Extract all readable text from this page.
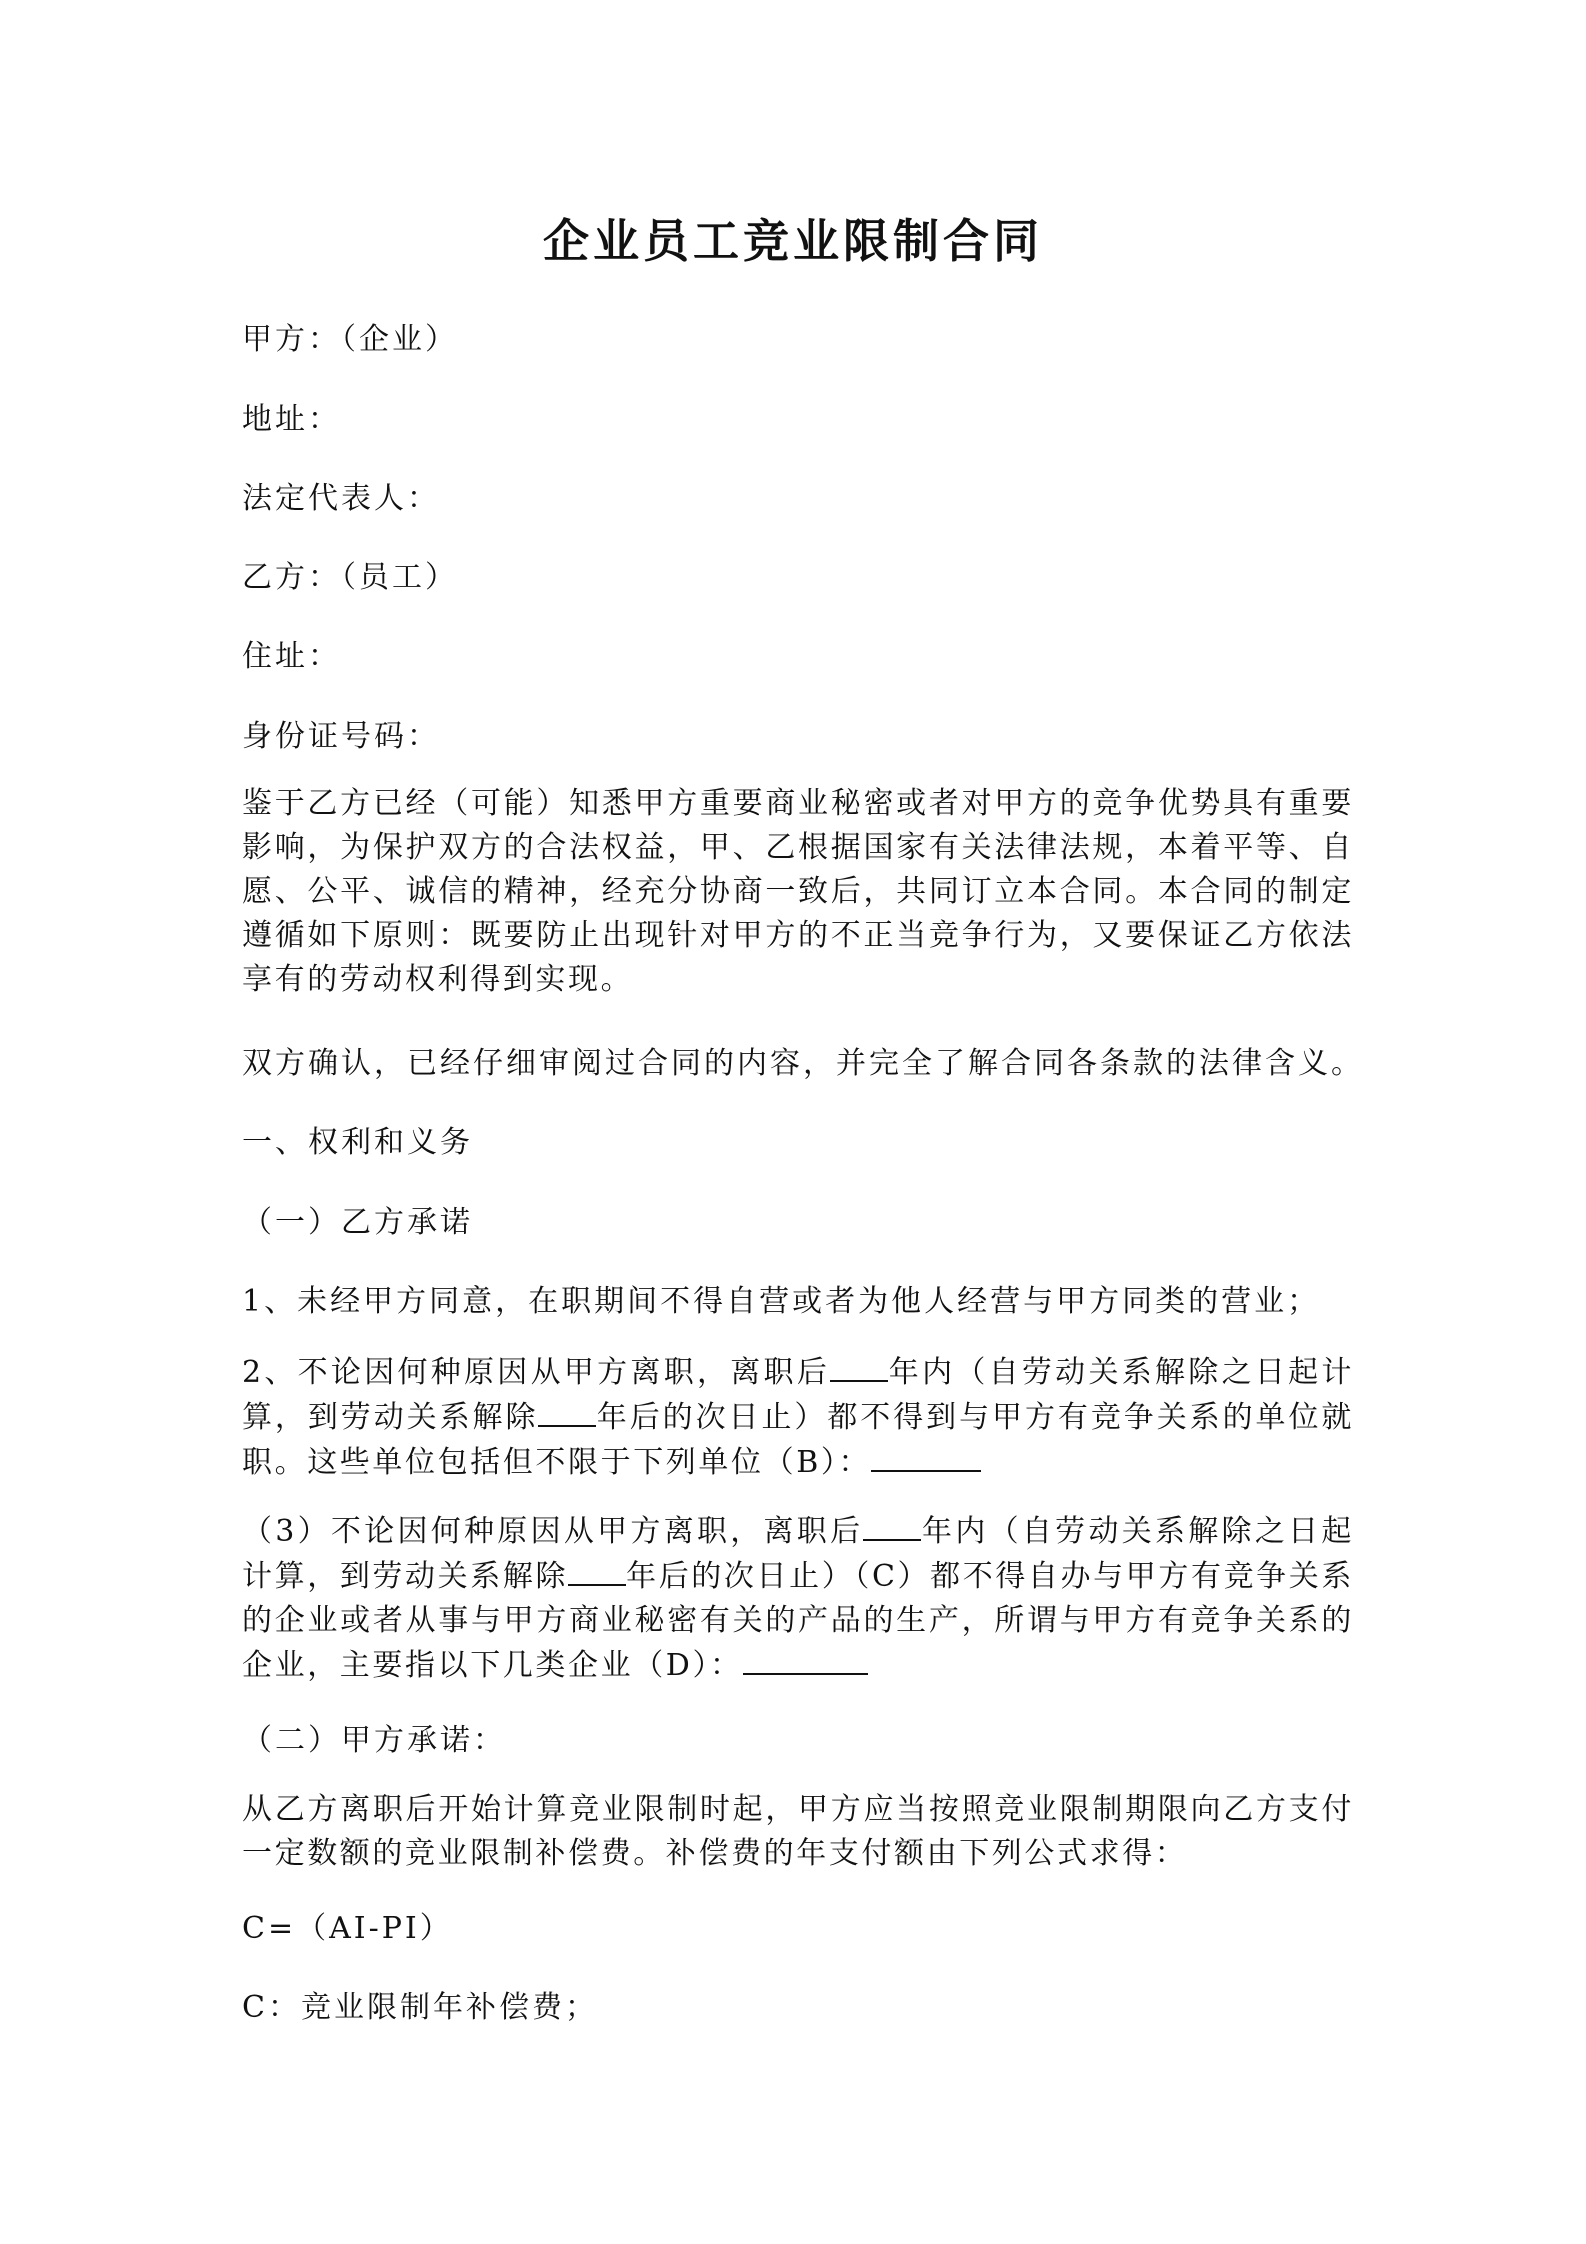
企业员工竞业限制合同
甲方：（企业）
地址：
法定代表人：
乙方：（员工）
住址：
身份证号码：
鉴于乙方已经（可能）知悉甲方重要商业秘密或者对甲方的竞争优势具有重要影响，为保护双方的合法权益，甲、乙根据国家有关法律法规，本着平等、自愿、公平、诚信的精神，经充分协商一致后，共同订立本合同。本合同的制定遵循如下原则：既要防止出现针对甲方的不正当竞争行为，又要保证乙方依法享有的劳动权利得到实现。
双方确认，已经仔细审阅过合同的内容，并完全了解合同各条款的法律含义。
一、权利和义务
（一）乙方承诺
1、未经甲方同意，在职期间不得自营或者为他人经营与甲方同类的营业；
2、不论因何种原因从甲方离职，离职后 年内（自劳动关系解除之日起计算，到劳动关系解除 年后的次日止）都不得到与甲方有竞争关系的单位就职。这些单位包括但不限于下列单位（B）：
（3）不论因何种原因从甲方离职，离职后 年内（自劳动关系解除之日起计算，到劳动关系解除 年后的次日止）（C）都不得自办与甲方有竞争关系的企业或者从事与甲方商业秘密有关的产品的生产，所谓与甲方有竞争关系的企业，主要指以下几类企业（D）：
（二）甲方承诺：
从乙方离职后开始计算竞业限制时起，甲方应当按照竞业限制期限向乙方支付一定数额的竞业限制补偿费。补偿费的年支付额由下列公式求得：
C=（AI-PI）
C：竞业限制年补偿费；
